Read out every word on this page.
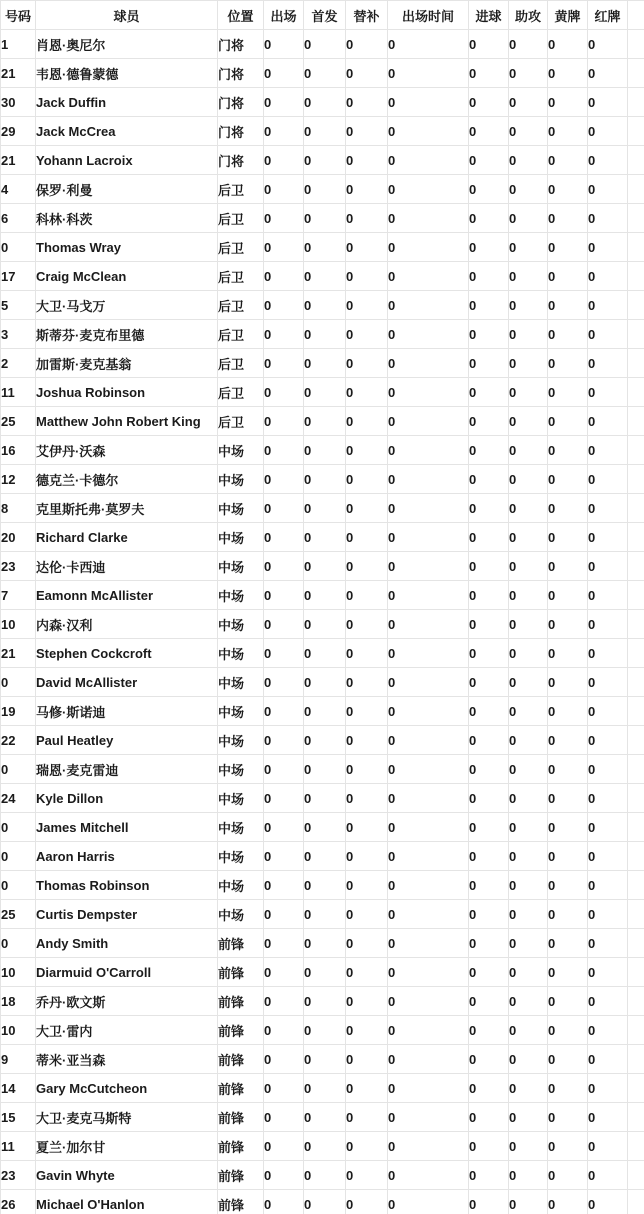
号码	球员	位置	出场	首发	替补	出场时间	进球	助攻	黄牌	红牌	
1	肖恩·奥尼尔	门将	0	0	0	0	0	0	0	0	
21	韦恩·德鲁蒙德	门将	0	0	0	0	0	0	0	0	
30	Jack Duffin	门将	0	0	0	0	0	0	0	0	
29	Jack McCrea	门将	0	0	0	0	0	0	0	0	
21	Yohann Lacroix	门将	0	0	0	0	0	0	0	0	
4	保罗·利曼	后卫	0	0	0	0	0	0	0	0	
6	科林·科茨	后卫	0	0	0	0	0	0	0	0	
0	Thomas Wray	后卫	0	0	0	0	0	0	0	0	
17	Craig McClean	后卫	0	0	0	0	0	0	0	0	
5	大卫·马戈万	后卫	0	0	0	0	0	0	0	0	
3	斯蒂芬·麦克布里德	后卫	0	0	0	0	0	0	0	0	
2	加雷斯·麦克基翁	后卫	0	0	0	0	0	0	0	0	
11	Joshua Robinson	后卫	0	0	0	0	0	0	0	0	
25	Matthew John Robert King	后卫	0	0	0	0	0	0	0	0	
16	艾伊丹·沃森	中场	0	0	0	0	0	0	0	0	
12	德克兰·卡德尔	中场	0	0	0	0	0	0	0	0	
8	克里斯托弗·莫罗夫	中场	0	0	0	0	0	0	0	0	
20	Richard Clarke	中场	0	0	0	0	0	0	0	0	
23	达伦·卡西迪	中场	0	0	0	0	0	0	0	0	
7	Eamonn McAllister	中场	0	0	0	0	0	0	0	0	
10	内森·汉利	中场	0	0	0	0	0	0	0	0	
21	Stephen Cockcroft	中场	0	0	0	0	0	0	0	0	
0	David McAllister	中场	0	0	0	0	0	0	0	0	
19	马修·斯诺迪	中场	0	0	0	0	0	0	0	0	
22	Paul Heatley	中场	0	0	0	0	0	0	0	0	
0	瑞恩·麦克雷迪	中场	0	0	0	0	0	0	0	0	
24	Kyle Dillon	中场	0	0	0	0	0	0	0	0	
0	James Mitchell	中场	0	0	0	0	0	0	0	0	
0	Aaron Harris	中场	0	0	0	0	0	0	0	0	
0	Thomas Robinson	中场	0	0	0	0	0	0	0	0	
25	Curtis Dempster	中场	0	0	0	0	0	0	0	0	
0	Andy Smith	前锋	0	0	0	0	0	0	0	0	
10	Diarmuid O'Carroll	前锋	0	0	0	0	0	0	0	0	
18	乔丹·欧文斯	前锋	0	0	0	0	0	0	0	0	
10	大卫·雷内	前锋	0	0	0	0	0	0	0	0	
9	蒂米·亚当森	前锋	0	0	0	0	0	0	0	0	
14	Gary McCutcheon	前锋	0	0	0	0	0	0	0	0	
15	大卫·麦克马斯特	前锋	0	0	0	0	0	0	0	0	
11	夏兰·加尔甘	前锋	0	0	0	0	0	0	0	0	
23	Gavin Whyte	前锋	0	0	0	0	0	0	0	0	
26	Michael O'Hanlon	前锋	0	0	0	0	0	0	0	0	
